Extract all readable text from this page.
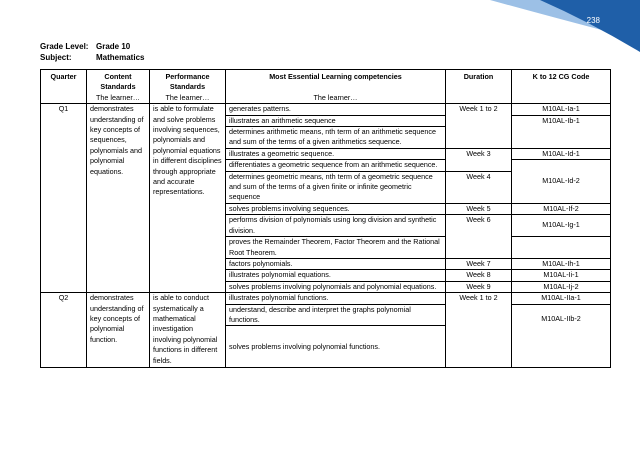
238
Grade Level: Grade 10
Subject:	Mathematics
Quarter	Content Standards	Performance Standards	Most Essential Learning competencies	Duration	K to 12 CG Code
	The learner…	The learner…	The learner…		
Q1	demonstrates understanding of key concepts of sequences, polynomials and polynomial equations.	is able to formulate and solve problems involving sequences, polynomials and polynomial equations in different disciplines through appropriate and accurate representations.	generates patterns.	Week 1 to 2	M10AL-Ia-1
			illustrates an arithmetic sequence		M10AL-Ib-1
			determines arithmetic means, nth term of an arithmetic sequence and sum of the terms of a given arithmetics sequence.		
			illustrates a geometric sequence.	Week 3	M10AL-Id-1
			differentiates a geometric sequence from an arithmetic sequence.		M10AL-Id-2
			determines geometric means, nth term of a geometric sequence and sum of the terms of a given finite or infinite geometric sequence	Week 4	
			solves problems involving sequences.	Week 5	M10AL-If-2
			performs division of polynomials using long division and synthetic division.	Week 6	M10AL-Ig-1
			proves the Remainder Theorem, Factor Theorem and the Rational Root Theorem.		
			factors polynomials.	Week 7	M10AL-Ih-1
			illustrates polynomial equations.	Week 8	M10AL-Ii-1
			solves problems involving polynomials and polynomial equations.	Week 9	M10AL-Ij-2
Q2	demonstrates understanding of key concepts of polynomial function.	is able to conduct systematically a mathematical investigation involving polynomial functions in different fields.	illustrates polynomial functions.	Week 1 to 2	M10AL-IIa-1
			understand, describe and interpret the graphs polynomial functions.		M10AL-IIb-2
			solves problems involving polynomial functions.		
